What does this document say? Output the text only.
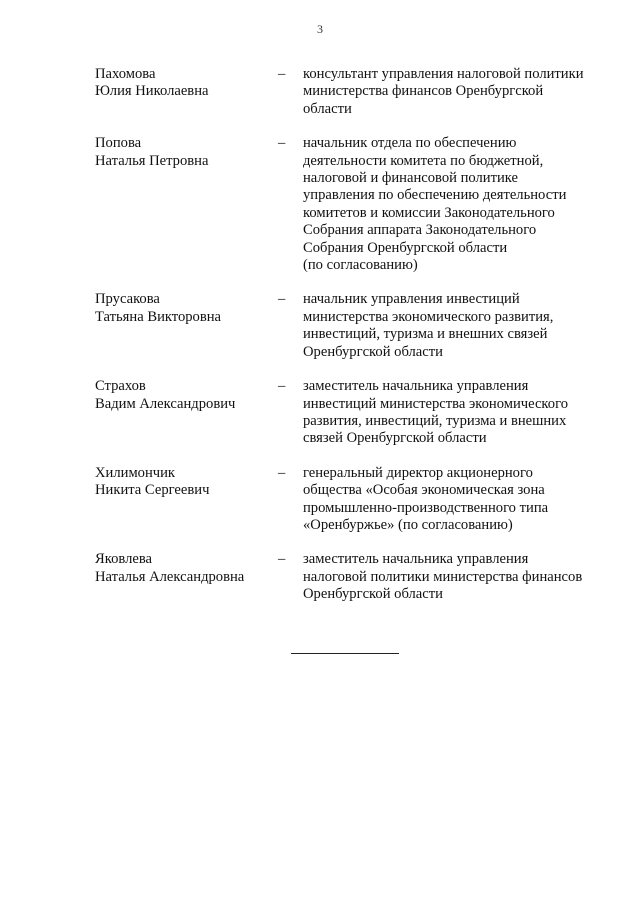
3
Пахомова
Юлия Николаевна
–	консультант управления налоговой политики
министерства финансов Оренбургской
области
Попова
Наталья Петровна
–	начальник отдела по обеспечению
деятельности комитета по бюджетной,
налоговой и финансовой политике
управления по обеспечению деятельности
комитетов и комиссии Законодательного
Собрания аппарата Законодательного
Собрания Оренбургской области
(по согласованию)
Прусакова
Татьяна Викторовна
–	начальник управления инвестиций
министерства экономического развития,
инвестиций, туризма и внешних связей
Оренбургской области
Страхов
Вадим Александрович
–	заместитель начальника управления
инвестиций министерства экономического
развития, инвестиций, туризма и внешних
связей Оренбургской области
Хилимончик
Никита Сергеевич
–	генеральный директор акционерного
общества «Особая экономическая зона
промышленно-производственного типа
«Оренбуржье» (по согласованию)
Яковлева
Наталья Александровна
–	заместитель начальника управления
налоговой политики министерства финансов
Оренбургской области
